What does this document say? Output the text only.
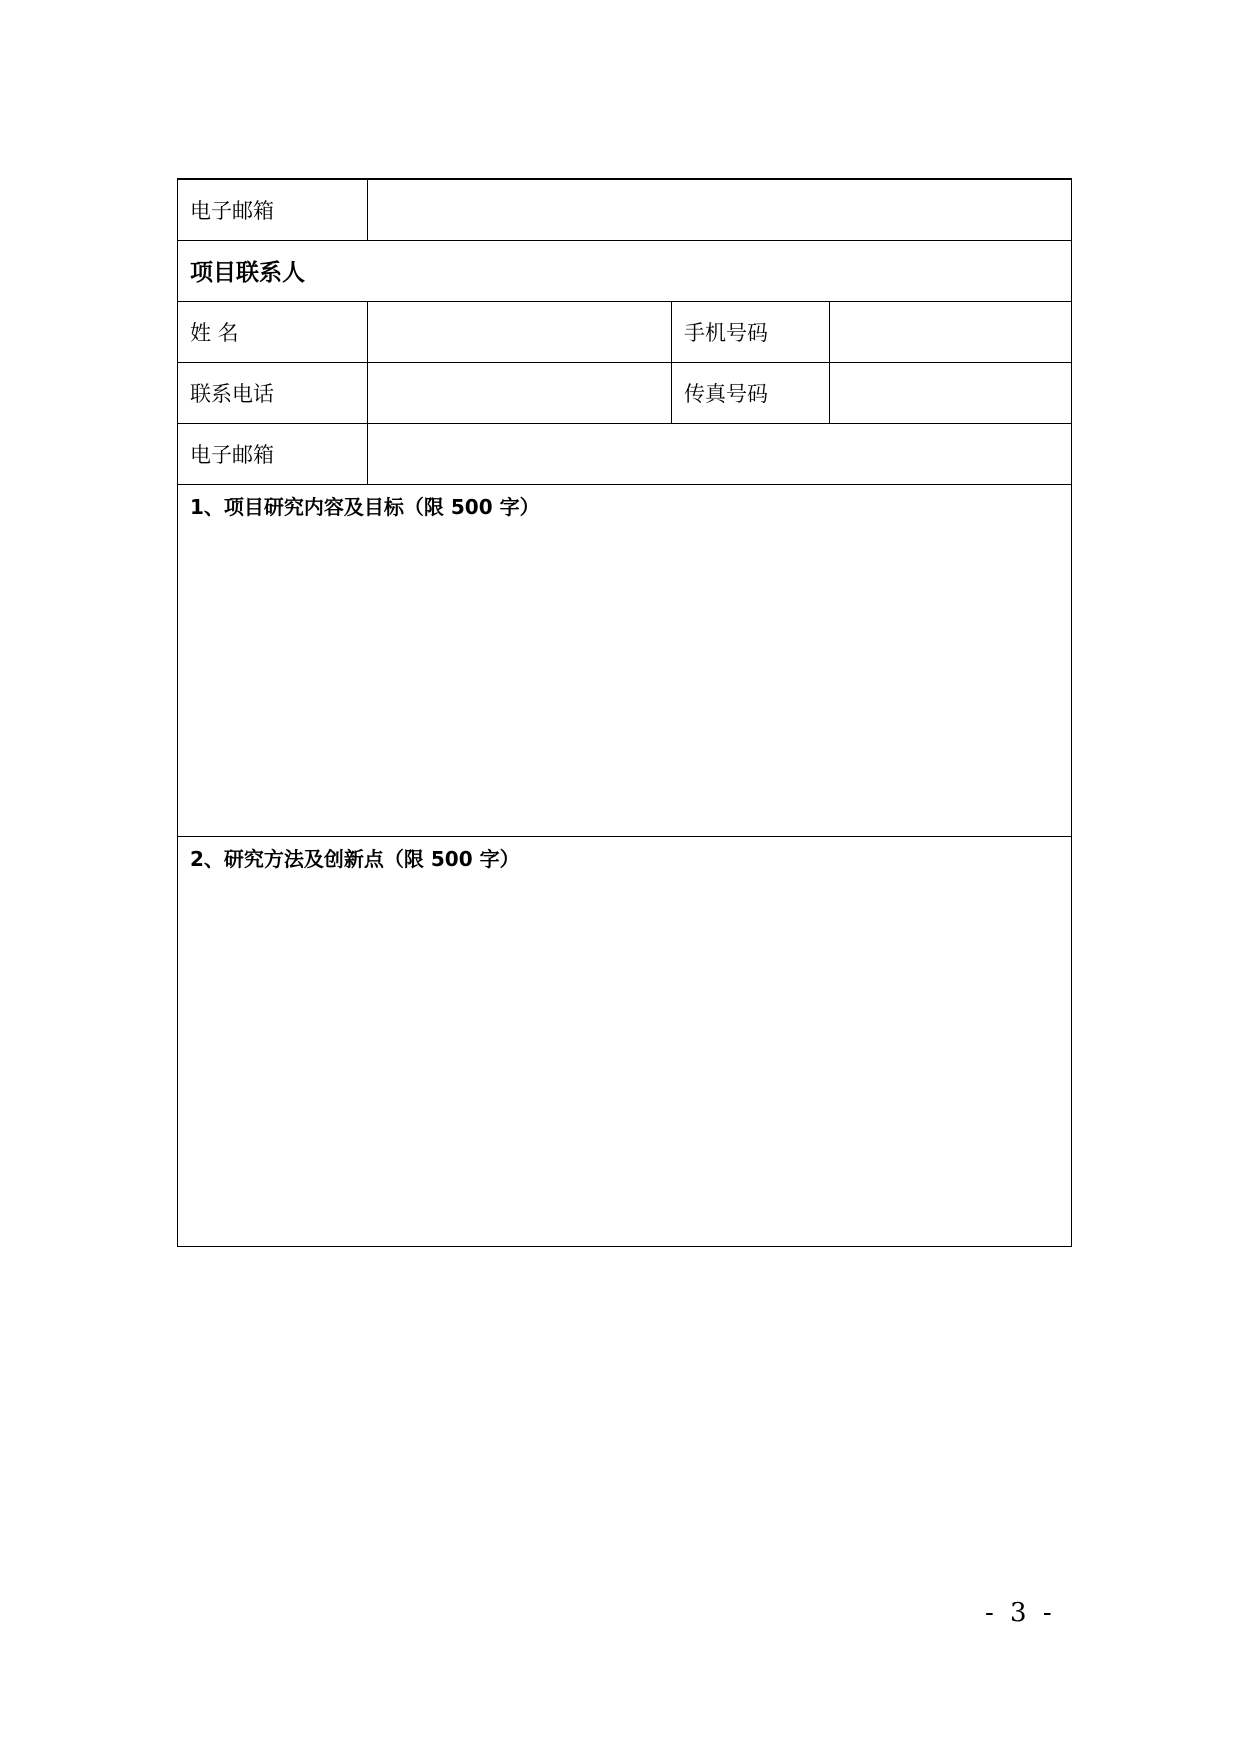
电子邮箱			
项目联系人			
姓 名		手机号码	
联系电话		传真号码	
电子邮箱			
1、项目研究内容及目标（限 500 字）			
2、研究方法及创新点（限 500 字）			
- 3 -
